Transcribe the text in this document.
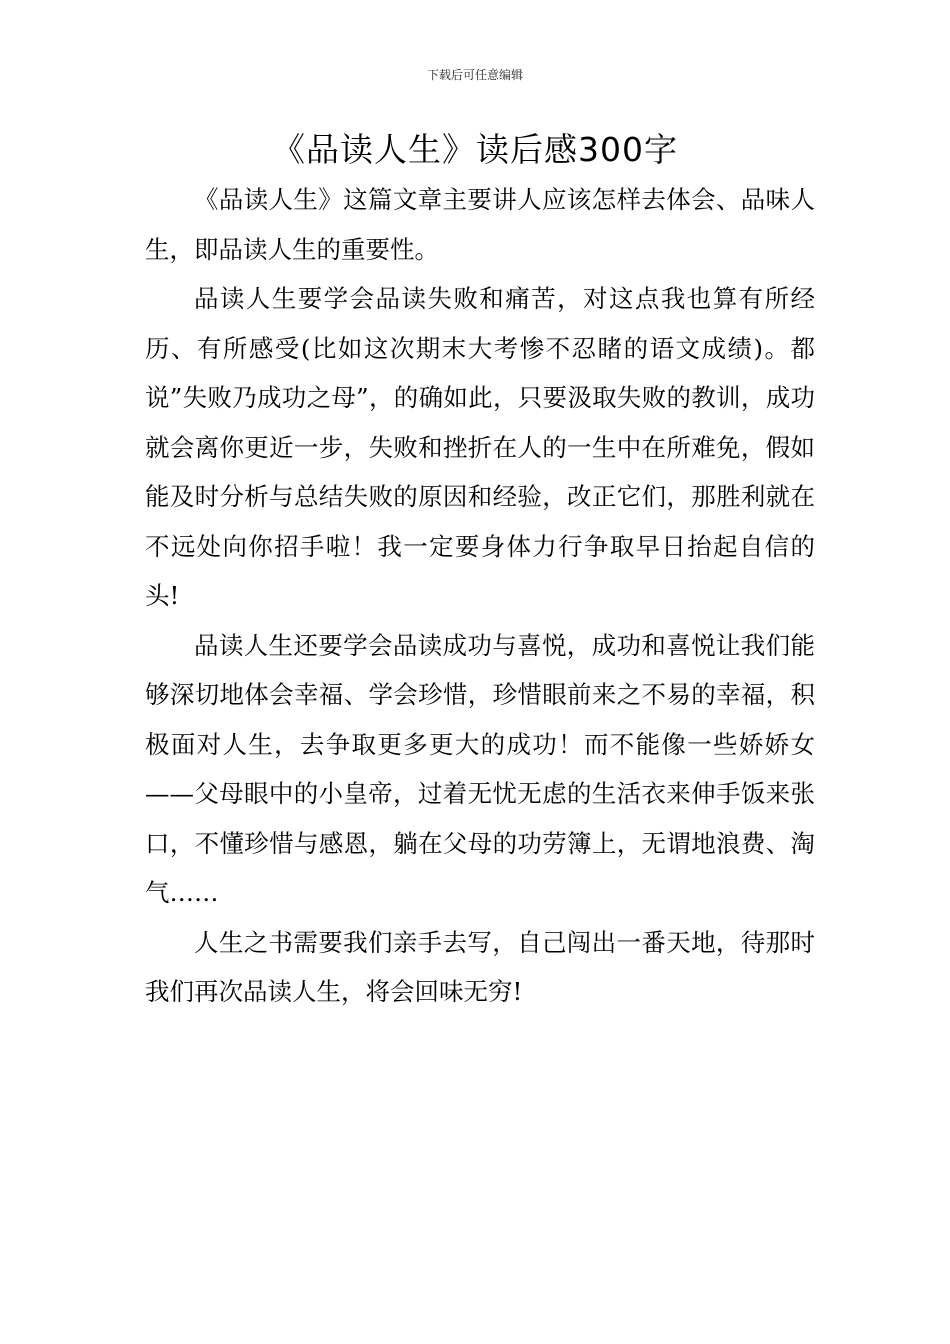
下载后可任意编辑
《品读人生》读后感300字

《品读人生》这篇文章主要讲人应该怎样去体会、品味人生，即品读人生的重要性。

品读人生要学会品读失败和痛苦，对这点我也算有所经历、有所感受(比如这次期末大考惨不忍睹的语文成绩)。都说”失败乃成功之母”，的确如此，只要汲取失败的教训，成功就会离你更近一步，失败和挫折在人的一生中在所难免，假如能及时分析与总结失败的原因和经验，改正它们，那胜利就在不远处向你招手啦！我一定要身体力行争取早日抬起自信的头!

品读人生还要学会品读成功与喜悦，成功和喜悦让我们能够深切地体会幸福、学会珍惜，珍惜眼前来之不易的幸福，积极面对人生，去争取更多更大的成功！而不能像一些娇娇女——父母眼中的小皇帝，过着无忧无虑的生活衣来伸手饭来张口，不懂珍惜与感恩，躺在父母的功劳簿上，无谓地浪费、淘气……

人生之书需要我们亲手去写，自己闯出一番天地，待那时我们再次品读人生，将会回味无穷!
